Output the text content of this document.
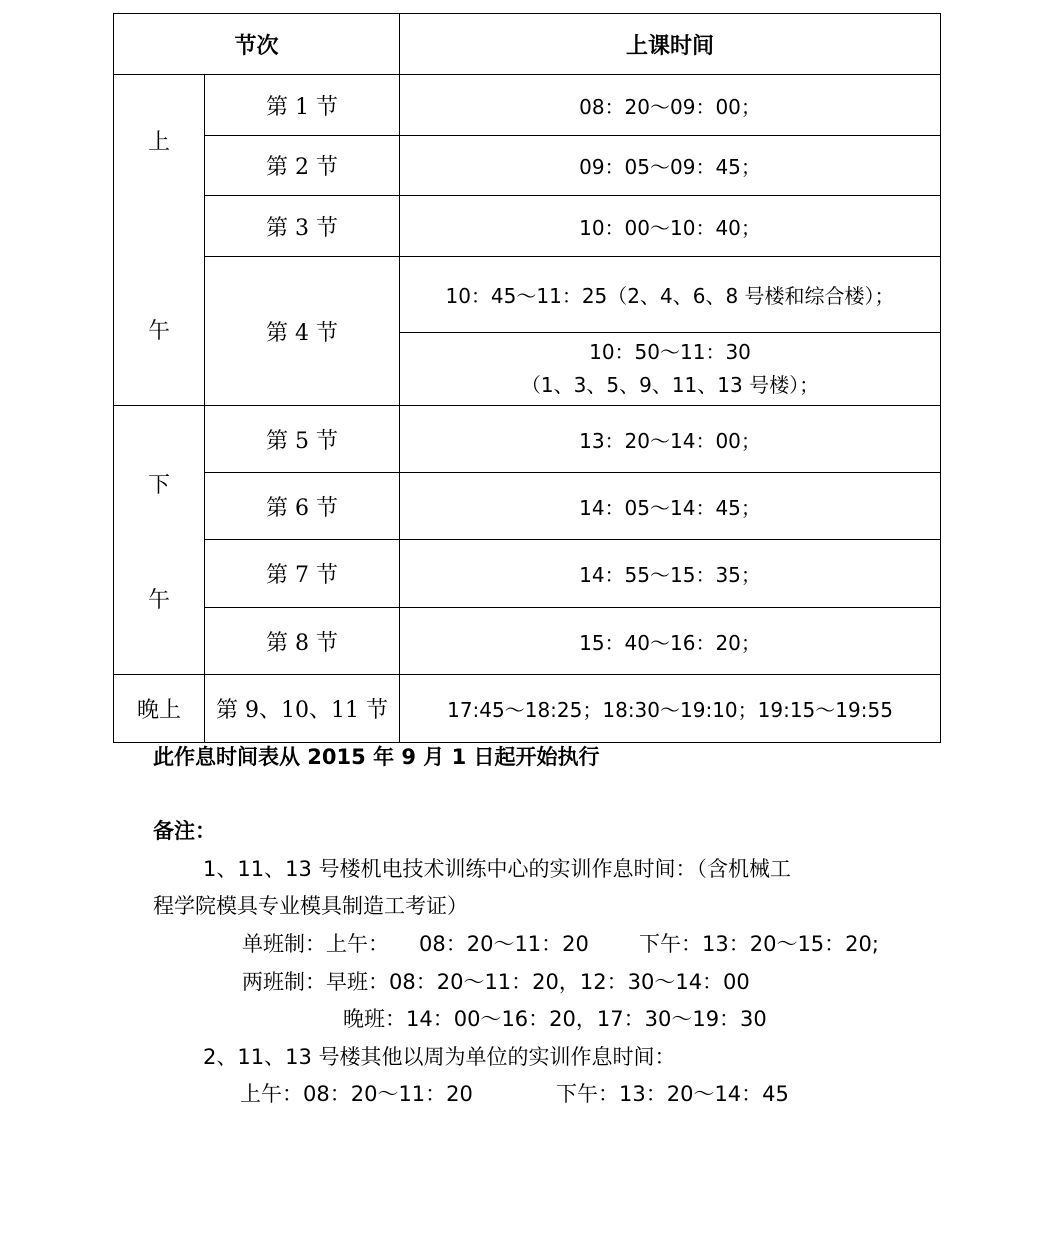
节次		上课时间

上
午	第 1 节	08：20～09：00；
	第 2 节	09：05～09：45；
	第 3 节	10：00～10：40；
	第 4 节	10：45～11：25（2、4、6、8 号楼和综合楼）；

		10：50～11：30
（1、3、5、9、11、13 号楼）；

下
午	第 5 节	13：20～14：00；
	第 6 节	14：05～14：45；
	第 7 节	14：55～15：35；
	第 8 节	15：40～16：20；
晚上	第 9、10、11 节	17:45～18:25；18:30～19:10；19:15～19:55
此作息时间表从 2015 年 9 月 1 日起开始执行
备注：
1、11、13 号楼机电技术训练中心的实训作息时间：（含机械工
程学院模具专业模具制造工考证）
单班制：上午： 08：20～11：20 下午：13：20～15：20;
两班制：早班：08：20～11：20，12：30～14：00
晚班：14：00～16：20，17：30～19：30
2、11、13 号楼其他以周为单位的实训作息时间：
上午：08：20～11：20	下午：13：20～14：45
